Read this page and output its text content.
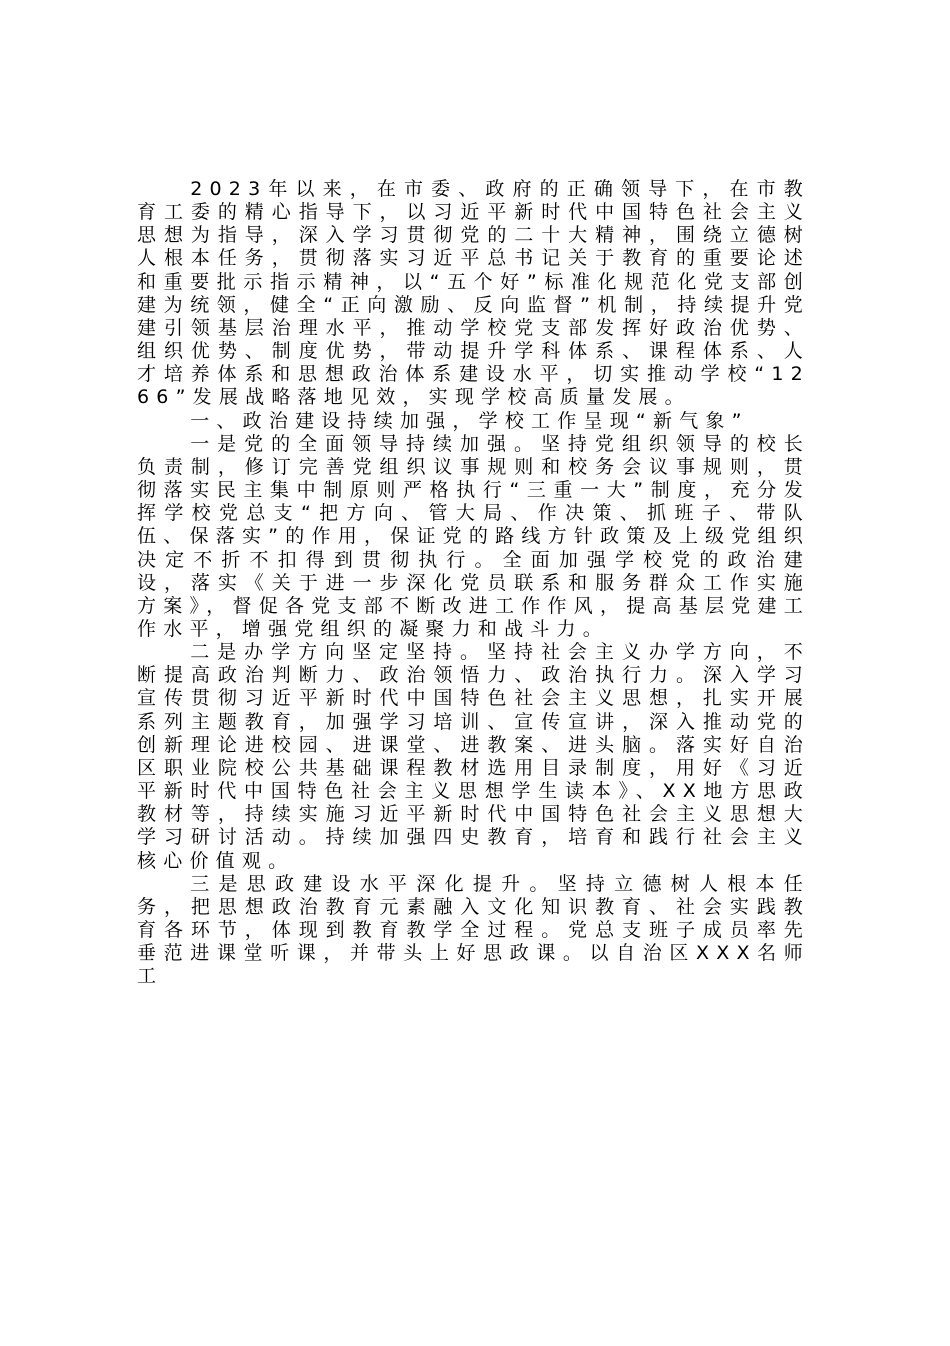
2023年以来，在市委、政府的正确领导下，在市教育工委的精心指导下，以习近平新时代中国特色社会主义思想为指导，深入学习贯彻党的二十大精神，围绕立德树人根本任务，贯彻落实习近平总书记关于教育的重要论述和重要批示指示精神，以“五个好”标准化规范化党支部创建为统领，健全“正向激励、反向监督”机制，持续提升党建引领基层治理水平，推动学校党支部发挥好政治优势、组织优势、制度优势，带动提升学科体系、课程体系、人才培养体系和思想政治体系建设水平，切实推动学校“1266”发展战略落地见效，实现学校高质量发展。

一、政治建设持续加强，学校工作呈现“新气象”

一是党的全面领导持续加强。坚持党组织领导的校长负责制，修订完善党组织议事规则和校务会议事规则，贯彻落实民主集中制原则严格执行“三重一大”制度，充分发挥学校党总支“把方向、管大局、作决策、抓班子、带队伍、保落实”的作用，保证党的路线方针政策及上级党组织决定不折不扣得到贯彻执行。全面加强学校党的政治建设，落实《关于进一步深化党员联系和服务群众工作实施方案》，督促各党支部不断改进工作作风，提高基层党建工作水平，增强党组织的凝聚力和战斗力。

二是办学方向坚定坚持。坚持社会主义办学方向，不断提高政治判断力、政治领悟力、政治执行力。深入学习宣传贯彻习近平新时代中国特色社会主义思想，扎实开展系列主题教育，加强学习培训、宣传宣讲，深入推动党的创新理论进校园、进课堂、进教案、进头脑。落实好自治区职业院校公共基础课程教材选用目录制度，用好《习近平新时代中国特色社会主义思想学生读本》、XX地方思政教材等，持续实施习近平新时代中国特色社会主义思想大学习研讨活动。持续加强四史教育，培育和践行社会主义核心价值观。

三是思政建设水平深化提升。坚持立德树人根本任务，把思想政治教育元素融入文化知识教育、社会实践教育各环节，体现到教育教学全过程。党总支班子成员率先垂范进课堂听课，并带头上好思政课。以自治区XXX名师工
